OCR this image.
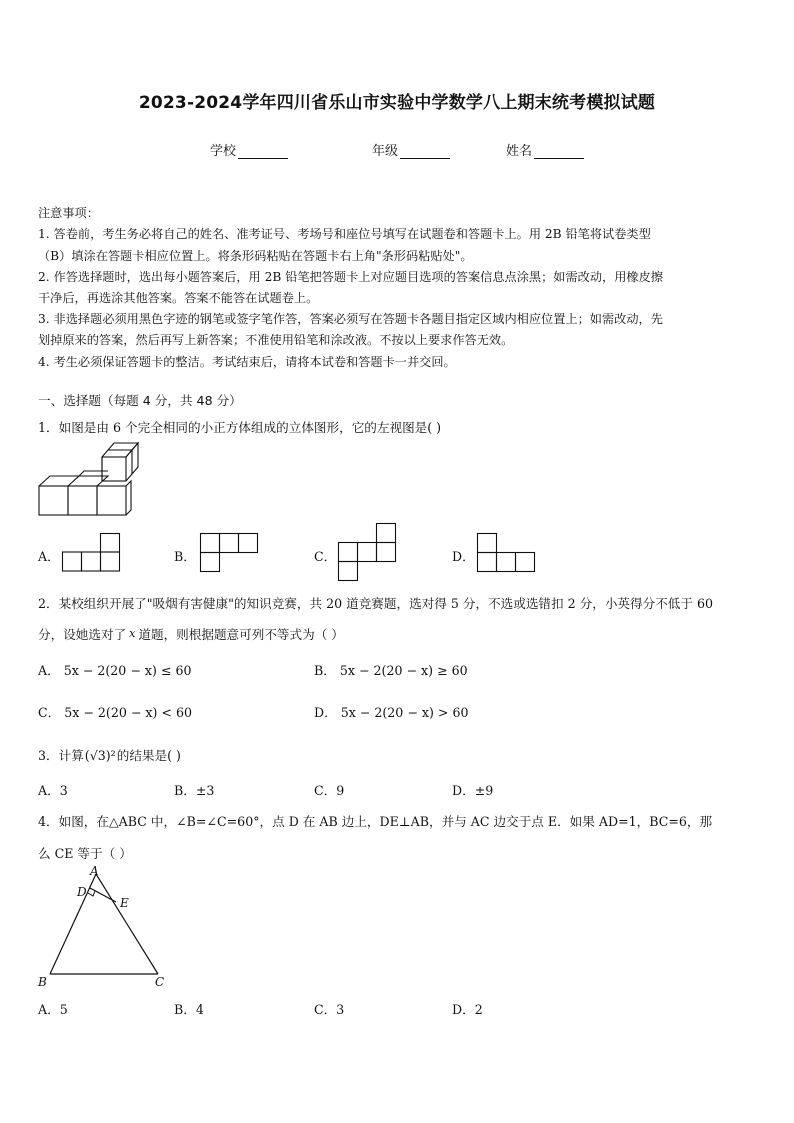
2023-2024学年四川省乐山市实验中学数学八上期末统考模拟试题
学校	年级	姓名
注意事项：
1. 答卷前，考生务必将自己的姓名、准考证号、考场号和座位号填写在试题卷和答题卡上。用 2B 铅笔将试卷类型
（B）填涂在答题卡相应位置上。将条形码粘贴在答题卡右上角"条形码粘贴处"。
2. 作答选择题时，选出每小题答案后，用 2B 铅笔把答题卡上对应题目选项的答案信息点涂黑；如需改动，用橡皮擦
干净后，再选涂其他答案。答案不能答在试题卷上。
3. 非选择题必须用黑色字迹的钢笔或签字笔作答，答案必须写在答题卡各题目指定区域内相应位置上；如需改动，先
划掉原来的答案，然后再写上新答案；不准使用铅笔和涂改液。不按以上要求作答无效。
4. 考生必须保证答题卡的整洁。考试结束后，请将本试卷和答题卡一并交回。
一、选择题（每题 4 分，共 48 分）
1．如图是由 6 个完全相同的小正方体组成的立体图形，它的左视图是( )
A．	B．	C．	D．
2．某校组织开展了"吸烟有害健康"的知识竞赛，共 20 道竞赛题，选对得 5 分，不选或选错扣 2 分，小英得分不低于 60
分，设她选对了 x 道题，则根据题意可列不等式为（ ）
A． 5x − 2(20 − x) ≤ 60	B． 5x − 2(20 − x) ≥ 60
C． 5x − 2(20 − x) < 60	D． 5x − 2(20 − x) > 60
3．计算(√3)²的结果是( )
A．3	B．±3	C．9	D．±9
4．如图，在△ABC 中，∠B=∠C=60°，点 D 在 AB 边上，DE⊥AB，并与 AC 边交于点 E．如果 AD=1，BC=6，那
么 CE 等于（ ）
A
D
E
B	C
A．5	B．4	C．3	D．2
